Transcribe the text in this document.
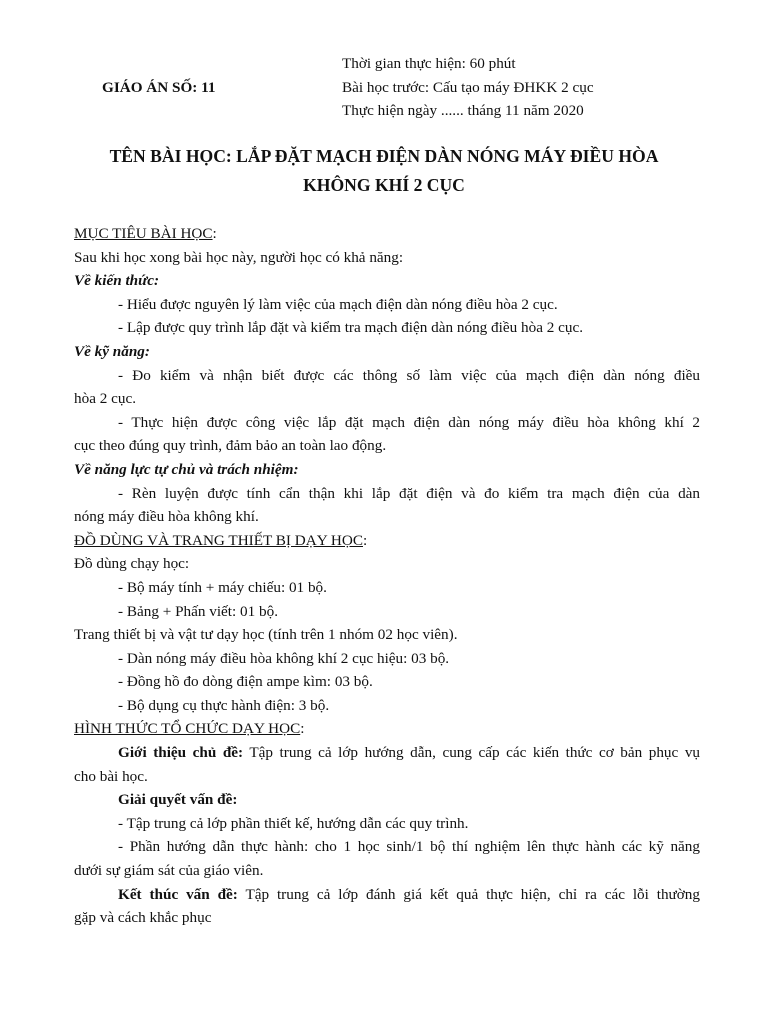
GIÁO ÁN SỐ: 11
Thời gian thực hiện: 60 phút
Bài học trước: Cấu tạo máy ĐHKK 2 cục
Thực hiện ngày ...... tháng 11 năm 2020
TÊN BÀI HỌC: LẮP ĐẶT MẠCH ĐIỆN DÀN NÓNG MÁY ĐIỀU HÒA
KHÔNG KHÍ 2 CỤC

MỤC TIÊU BÀI HỌC:

Sau khi học xong bài học này, người học có khả năng:

Về kiến thức:

- Hiểu được nguyên lý làm việc của mạch điện dàn nóng điều hòa 2 cục.

- Lập được quy trình lắp đặt và kiểm tra mạch điện dàn nóng điều hòa 2 cục.

Về kỹ năng:

- Đo kiểm và nhận biết được các thông số làm việc của mạch điện dàn nóng điều

hòa 2 cục.

- Thực hiện được công việc lắp đặt mạch điện dàn nóng máy điều hòa không khí 2

cục theo đúng quy trình, đảm bảo an toàn lao động.

Về năng lực tự chủ và trách nhiệm:

- Rèn luyện được tính cẩn thận khi lắp đặt điện và đo kiểm tra mạch điện của dàn

nóng máy điều hòa không khí.

ĐỒ DÙNG VÀ TRANG THIẾT BỊ DẠY HỌC:

Đồ dùng chạy học:

- Bộ máy tính + máy chiếu: 01 bộ.

- Bảng + Phấn viết: 01 bộ.

Trang thiết bị và vật tư dạy học (tính trên 1 nhóm 02 học viên).

- Dàn nóng máy điều hòa không khí 2 cục hiệu: 03 bộ.

- Đồng hồ đo dòng điện ampe kìm: 03 bộ.

- Bộ dụng cụ thực hành điện: 3 bộ.

HÌNH THỨC TỔ CHỨC DẠY HỌC:

Giới thiệu chủ đề: Tập trung cả lớp hướng dẫn, cung cấp các kiến thức cơ bản phục vụ

cho bài học.

Giải quyết vấn đề:

- Tập trung cả lớp phần thiết kế, hướng dẫn các quy trình.

- Phần hướng dẫn thực hành: cho 1 học sinh/1 bộ thí nghiệm lên thực hành các kỹ năng

dưới sự giám sát của giáo viên.

Kết thúc vấn đề: Tập trung cả lớp đánh giá kết quả thực hiện, chỉ ra các lỗi thường

gặp và cách khắc phục
